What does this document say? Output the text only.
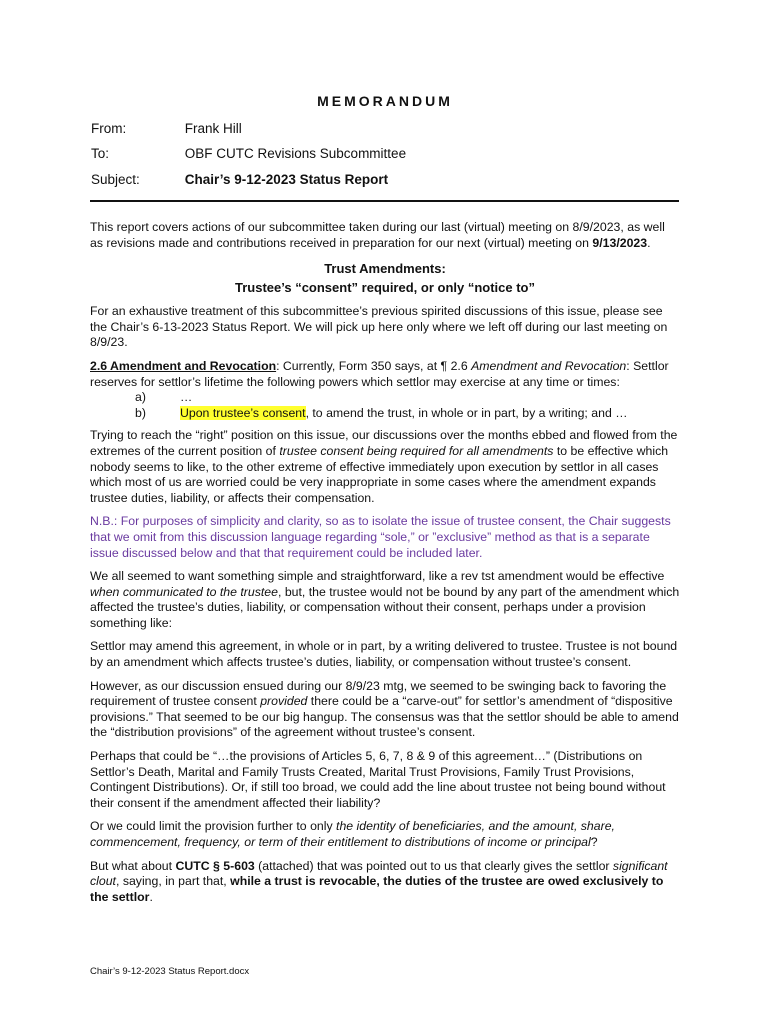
MEMORANDUM
From:	Frank Hill
To:	OBF CUTC Revisions Subcommittee
Subject:	Chair’s 9-12-2023 Status Report

This report covers actions of our subcommittee taken during our last (virtual) meeting on 8/9/2023, as well as revisions made and contributions received in preparation for our next (virtual) meeting on 9/13/2023.

Trust Amendments:
Trustee’s “consent” required, or only “notice to”

For an exhaustive treatment of this subcommittee’s previous spirited discussions of this issue, please see the Chair’s 6-13-2023 Status Report. We will pick up here only where we left off during our last meeting on 8/9/23.

2.6 Amendment and Revocation: Currently, Form 350 says, at ¶ 2.6 Amendment and Revocation: Settlor reserves for settlor’s lifetime the following powers which settlor may exercise at any time or times:
a)	…
b)	Upon trustee’s consent, to amend the trust, in whole or in part, by a writing; and …

Trying to reach the “right” position on this issue, our discussions over the months ebbed and flowed from the extremes of the current position of trustee consent being required for all amendments to be effective which nobody seems to like, to the other extreme of effective immediately upon execution by settlor in all cases which most of us are worried could be very inappropriate in some cases where the amendment expands trustee duties, liability, or affects their compensation.

N.B.: For purposes of simplicity and clarity, so as to isolate the issue of trustee consent, the Chair suggests that we omit from this discussion language regarding “sole,” or ”exclusive” method as that is a separate issue discussed below and that that requirement could be included later.

We all seemed to want something simple and straightforward, like a rev tst amendment would be effective when communicated to the trustee, but, the trustee would not be bound by any part of the amendment which affected the trustee’s duties, liability, or compensation without their consent, perhaps under a provision something like:

Settlor may amend this agreement, in whole or in part, by a writing delivered to trustee. Trustee is not bound by an amendment which affects trustee’s duties, liability, or compensation without trustee’s consent.

However, as our discussion ensued during our 8/9/23 mtg, we seemed to be swinging back to favoring the requirement of trustee consent provided there could be a “carve-out” for settlor’s amendment of “dispositive provisions.” That seemed to be our big hangup. The consensus was that the settlor should be able to amend the “distribution provisions” of the agreement without trustee’s consent.

Perhaps that could be “…the provisions of Articles 5, 6, 7, 8 & 9 of this agreement…” (Distributions on Settlor’s Death, Marital and Family Trusts Created, Marital Trust Provisions, Family Trust Provisions, Contingent Distributions). Or, if still too broad, we could add the line about trustee not being bound without their consent if the amendment affected their liability?

Or we could limit the provision further to only the identity of beneficiaries, and the amount, share, commencement, frequency, or term of their entitlement to distributions of income or principal?

But what about CUTC § 5-603 (attached) that was pointed out to us that clearly gives the settlor significant clout, saying, in part that, while a trust is revocable, the duties of the trustee are owed exclusively to the settlor.

Chair’s 9-12-2023 Status Report.docx
